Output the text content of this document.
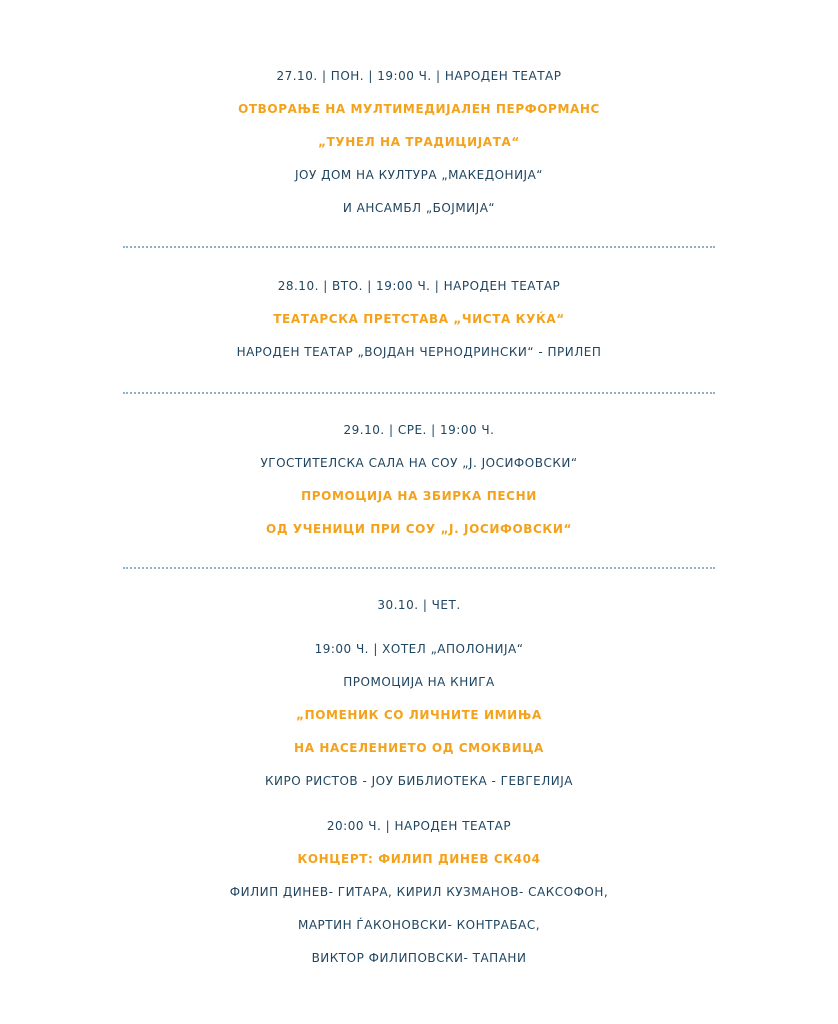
27.10. | ПОН. | 19:00 Ч. | НАРОДЕН ТЕАТАР
ОТВОРАЊЕ НА МУЛТИМЕДИЈАЛЕН ПЕРФОРМАНС
„ТУНЕЛ НА ТРАДИЦИЈАТА“
ЈОУ ДОМ НА КУЛТУРА „МАКЕДОНИЈА“
И АНСАМБЛ „БОЈМИЈА“
28.10. | ВТО. | 19:00 Ч. | НАРОДЕН ТЕАТАР
ТЕАТАРСКА ПРЕТСТАВА „ЧИСТА КУЌА“
НАРОДЕН ТЕАТАР „ВОЈДАН ЧЕРНОДРИНСКИ“ - ПРИЛЕП
29.10. | СРЕ. | 19:00 Ч.
УГОСТИТЕЛСКА САЛА НА СОУ „Ј. ЈОСИФОВСКИ“
ПРОМОЦИЈА НА ЗБИРКА ПЕСНИ
ОД УЧЕНИЦИ ПРИ СОУ „Ј. ЈОСИФОВСКИ“
30.10. | ЧЕТ.
19:00 Ч. | ХОТЕЛ „АПОЛОНИЈА“
ПРОМОЦИЈА НА КНИГА
„ПОМЕНИК СО ЛИЧНИТЕ ИМИЊА
НА НАСЕЛЕНИЕТО ОД СМОКВИЦА
КИРО РИСТОВ - ЈОУ БИБЛИОТЕКА - ГЕВГЕЛИЈА
20:00 Ч. | НАРОДЕН ТЕАТАР
КОНЦЕРТ: ФИЛИП ДИНЕВ СК404
ФИЛИП ДИНЕВ- ГИТАРА, КИРИЛ КУЗМАНОВ- САКСОФОН,
МАРТИН ЃАКОНОВСКИ- КОНТРАБАС,
ВИКТОР ФИЛИПОВСКИ- ТАПАНИ
